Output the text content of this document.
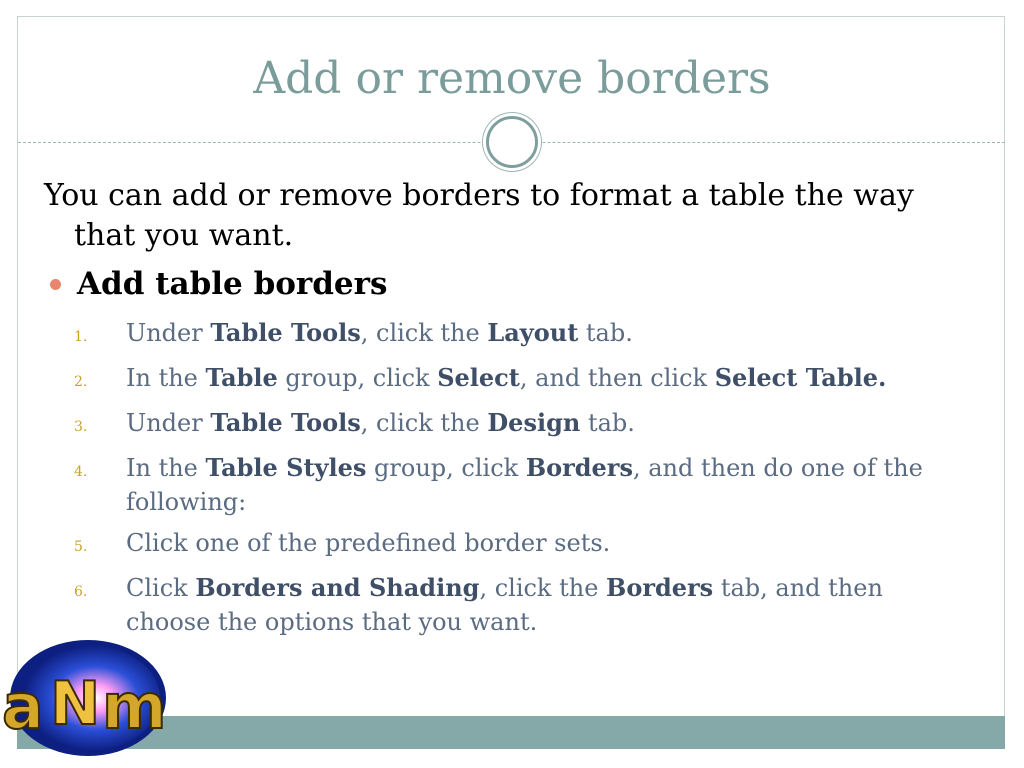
Add or remove borders
You can add or remove borders to format a table the way that you want.
Add table borders
1.	Under Table Tools, click the Layout tab.
2.	In the Table group, click Select, and then click Select Table.
3.	Under Table Tools, click the Design tab.
4.	In the Table Styles group, click Borders, and then do one of the following:
5.	Click one of the predefined border sets.
6.	Click Borders and Shading, click the Borders tab, and then choose the options that you want.
a N m
